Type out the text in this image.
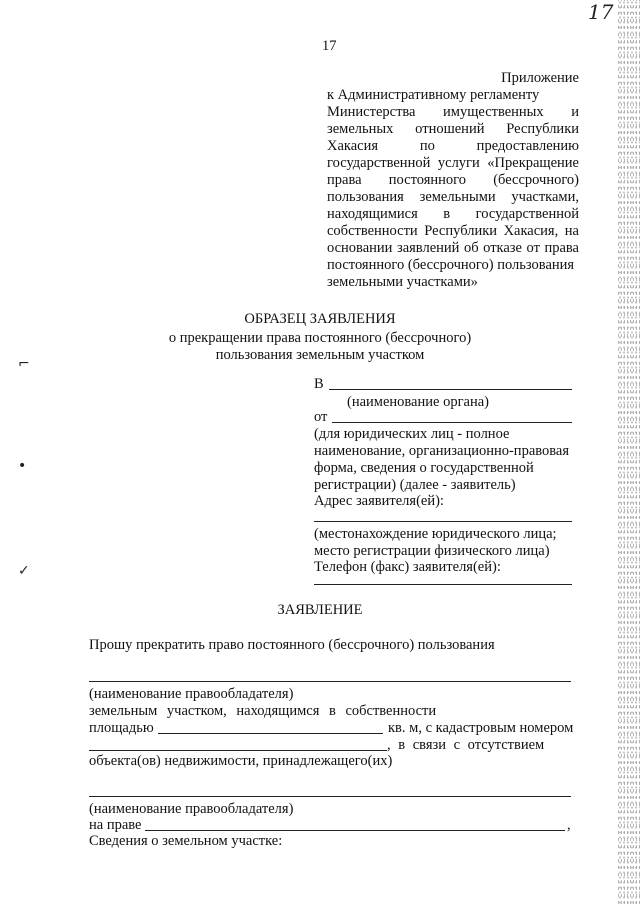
17
17
Приложение
к Административному регламенту
Министерства имущественных и
земельных отношений Республики
Хакасия по предоставлению
государственной услуги «Прекращение
права постоянного (бессрочного)
пользования земельными участками,
находящимися в государственной
собственности Республики Хакасия, на
основании заявлений об отказе от права
постоянного (бессрочного) пользования
земельными участками»
ОБРАЗЕЦ ЗАЯВЛЕНИЯ
о прекращении права постоянного (бессрочного)
пользования земельным участком
⌐
•
✓
В
(наименование органа)
от
(для юридических лиц - полное
наименование, организационно-правовая
форма, сведения о государственной
регистрации) (далее - заявитель)
Адрес заявителя(ей):
(местонахождение юридического лица;
место регистрации физического лица)
Телефон (факс) заявителя(ей):
ЗАЯВЛЕНИЕ
Прошу прекратить право постоянного (бессрочного) пользования
(наименование правообладателя)
земельным участком, находящимся в собственности
площадью	кв. м, с кадастровым номером
, в связи с отсутствием
объекта(ов) недвижимости, принадлежащего(их)
(наименование правообладателя)
на праве	,
Сведения о земельном участке:
